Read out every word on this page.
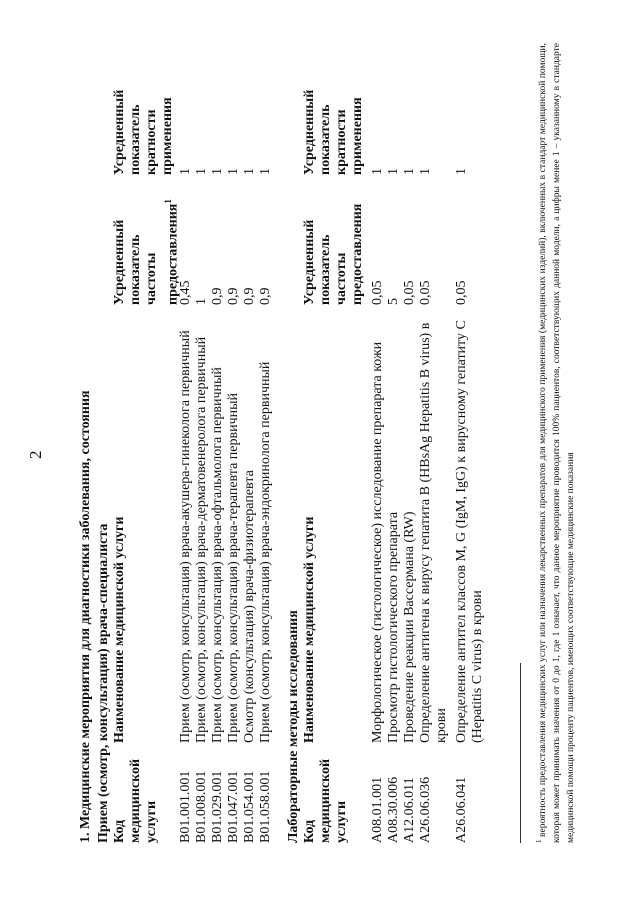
2 1. Медицинские мероприятия для диагностики заболевания, состояния Прием (осмотр, консультация) врача-специалиста Код
медицинской
услуги
Наименование медицинской услуги
Усредненный
показатель
частоты
предоставления$^1$
Усредненный
показатель
кратности
применения
B01.001.001
Прием (осмотр, консультация) врача-акушера-гинеколога первичный
0,45
1
B01.008.001
Прием (осмотр, консультация) врача-дерматовенеролога первичный
1
1
B01.029.001
Прием (осмотр, консультация) врача-офтальмолога первичный
0,9
1
B01.047.001
Прием (осмотр, консультация) врача-терапевта первичный
0,9
1
B01.054.001
Осмотр (консультация) врача-физиотерапевта
0,9
1
B01.058.001
Прием (осмотр, консультация) врача-эндокринолога первичный
0,9
1
Лабораторные методы исследования Код
медицинской
услуги
Наименование медицинской услуги
Усредненный
показатель
частоты
предоставления
Усредненный
показатель
кратности
применения
A08.01.001
Морфологическое (гистологическое) исследование препарата кожи
0,05
1
A08.30.006
Просмотр гистологического препарата
5
1
A12.06.011
Проведение реакции Вассермана (RW)
0,05
1
A26.06.036
Определение антигена к вирусу гепатита B (HBsAg Hepatitis B virus) в крови
0,05
1
A26.06.041
Определение антител классов M, G (IgM, IgG) к вирусному гепатиту C (Hepatitis C virus) в крови
0,05
1
$^1$ вероятность предоставления медицинских услуг или назначения лекарственных препаратов для медицинского применения (медицинских изделий), включенных в стандарт медицинской помощи, которая может принимать значения от 0 до 1, где 1 означает, что данное мероприятие проводится 100% пациентов, соответствующих данной модели, а цифры менее 1 – указанному в стандарте медицинской помощи проценту пациентов, имеющих соответствующие медицинские показания
